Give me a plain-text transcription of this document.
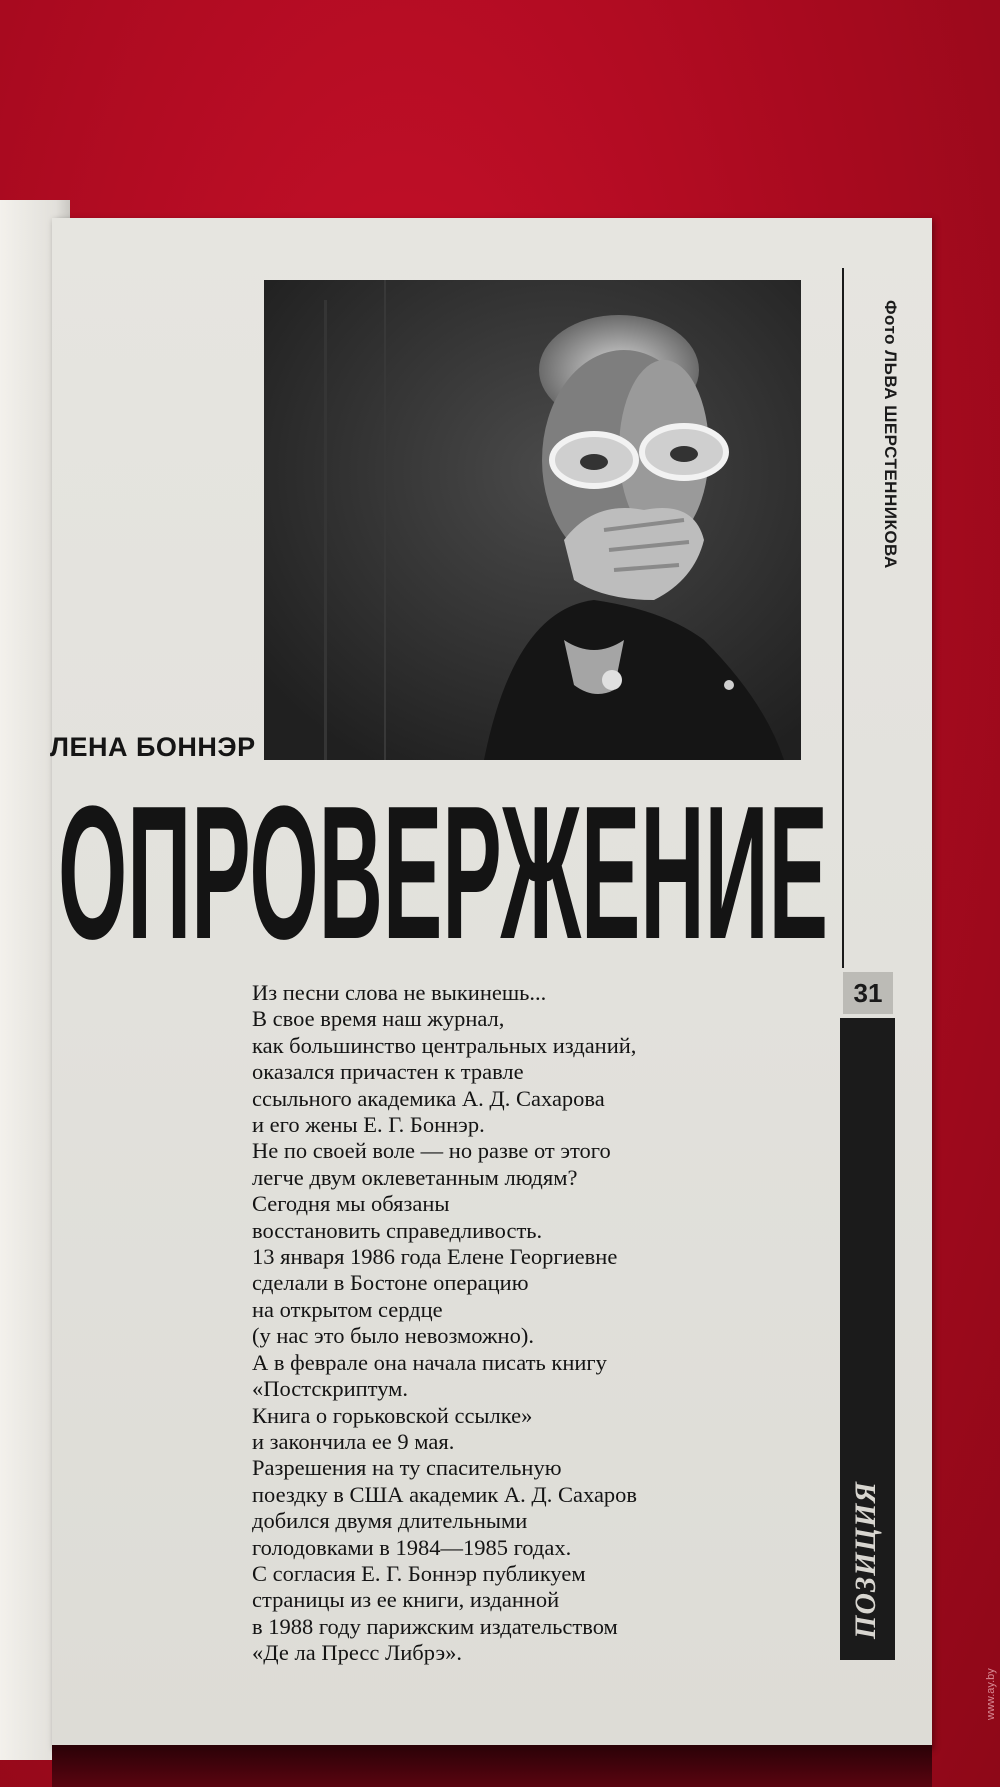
Фото ЛЬВА ШЕРСТЕННИКОВА
ЛЕНА БОННЭР
ОПРОВЕРЖЕНИЕ
31
ПОЗИЦИЯ
Из песни слова не выкинешь...
В свое время наш журнал,
как большинство центральных изданий,
оказался причастен к травле
ссыльного академика А. Д. Сахарова
и его жены Е. Г. Боннэр.
Не по своей воле — но разве от этого
легче двум оклеветанным людям?
Сегодня мы обязаны
восстановить справедливость.
13 января 1986 года Елене Георгиевне
сделали в Бостоне операцию
на открытом сердце
(у нас это было невозможно).
А в феврале она начала писать книгу
«Постскриптум.
Книга о горьковской ссылке»
и закончила ее 9 мая.
Разрешения на ту спасительную
поездку в США академик А. Д. Сахаров
добился двумя длительными
голодовками в 1984—1985 годах.
С согласия Е. Г. Боннэр публикуем
страницы из ее книги, изданной
в 1988 году парижским издательством
«Де ла Пресс Либрэ».
www.ay.by
